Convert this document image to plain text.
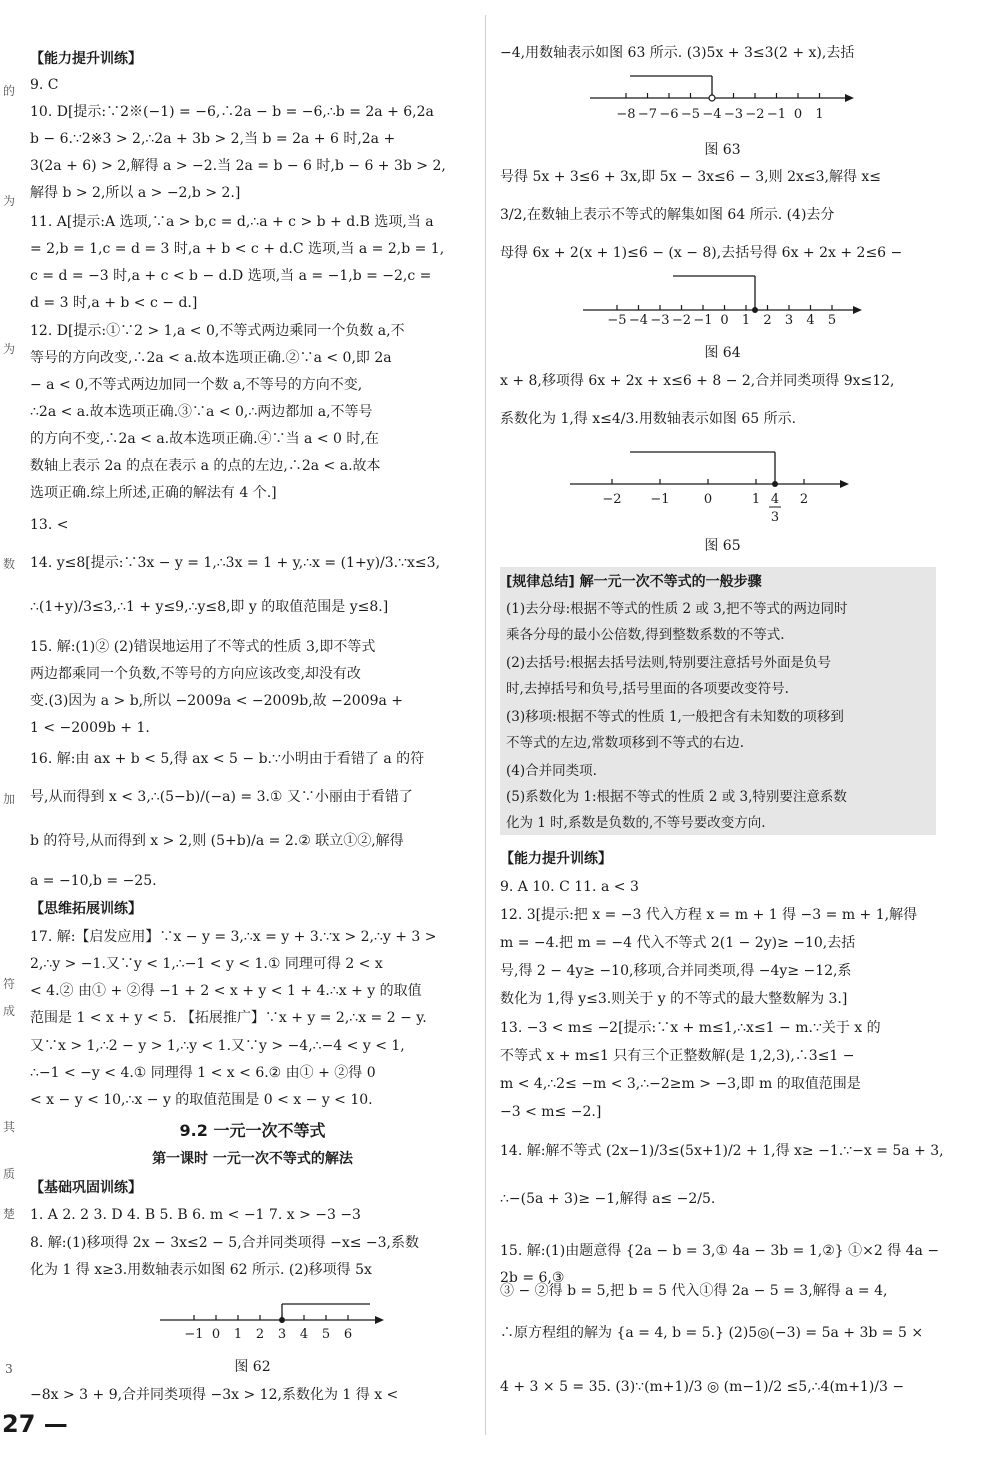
的
为
为
数
加
符
成
其
质
楚
3
【能力提升训练】
9. C
10. D[提示:∵2※(−1) = −6,∴2a − b = −6,∴b = 2a + 6,2a
b − 6.∵2※3 > 2,∴2a + 3b > 2,当 b = 2a + 6 时,2a +
3(2a + 6) > 2,解得 a > −2.当 2a = b − 6 时,b − 6 + 3b > 2,
解得 b > 2,所以 a > −2,b > 2.]
11. A[提示:A 选项,∵a > b,c = d,∴a + c > b + d.B 选项,当 a
= 2,b = 1,c = d = 3 时,a + b < c + d.C 选项,当 a = 2,b = 1,
c = d = −3 时,a + c < b − d.D 选项,当 a = −1,b = −2,c =
d = 3 时,a + b < c − d.]
12. D[提示:①∵2 > 1,a < 0,不等式两边乘同一个负数 a,不
等号的方向改变,∴2a < a.故本选项正确.②∵a < 0,即 2a
− a < 0,不等式两边加同一个数 a,不等号的方向不变,
∴2a < a.故本选项正确.③∵a < 0,∴两边都加 a,不等号
的方向不变,∴2a < a.故本选项正确.④∵当 a < 0 时,在
数轴上表示 2a 的点在表示 a 的点的左边,∴2a < a.故本
选项正确.综上所述,正确的解法有 4 个.]
13. <
14. y≤8[提示:∵3x − y = 1,∴3x = 1 + y,∴x = (1+y)/3.∵x≤3,
∴(1+y)/3≤3,∴1 + y≤9,∴y≤8,即 y 的取值范围是 y≤8.]
15. 解:(1)② (2)错误地运用了不等式的性质 3,即不等式
两边都乘同一个负数,不等号的方向应该改变,却没有改
变.(3)因为 a > b,所以 −2009a < −2009b,故 −2009a +
1 < −2009b + 1.
16. 解:由 ax + b < 5,得 ax < 5 − b.∵小明由于看错了 a 的符
号,从而得到 x < 3,∴(5−b)/(−a) = 3.① 又∵小丽由于看错了
b 的符号,从而得到 x > 2,则 (5+b)/a = 2.② 联立①②,解得
a = −10,b = −25.
【思维拓展训练】
17. 解:【启发应用】∵x − y = 3,∴x = y + 3.∵x > 2,∴y + 3 >
2,∴y > −1.又∵y < 1,∴−1 < y < 1.① 同理可得 2 < x
< 4.② 由① + ②得 −1 + 2 < x + y < 1 + 4.∴x + y 的取值
范围是 1 < x + y < 5. 【拓展推广】∵x + y = 2,∴x = 2 − y.
又∵x > 1,∴2 − y > 1,∴y < 1.又∵y > −4,∴−4 < y < 1,
∴−1 < −y < 4.① 同理得 1 < x < 6.② 由① + ②得 0
< x − y < 10,∴x − y 的取值范围是 0 < x − y < 10.
9.2 一元一次不等式
第一课时 一元一次不等式的解法
【基础巩固训练】
1. A 2. 2 3. D 4. B 5. B 6. m < −1 7. x > −3 −3
8. 解:(1)移项得 2x − 3x≤2 − 5,合并同类项得 −x≤ −3,系数
化为 1 得 x≥3.用数轴表示如图 62 所示. (2)移项得 5x
图 62
−8x > 3 + 9,合并同类项得 −3x > 12,系数化为 1 得 x <
−1 0 1 2 3 4 5 6
−4,用数轴表示如图 63 所示. (3)5x + 3≤3(2 + x),去括
图 63
号得 5x + 3≤6 + 3x,即 5x − 3x≤6 − 3,则 2x≤3,解得 x≤
3/2,在数轴上表示不等式的解集如图 64 所示. (4)去分
母得 6x + 2(x + 1)≤6 − (x − 8),去括号得 6x + 2x + 2≤6 −
图 64
x + 8,移项得 6x + 2x + x≤6 + 8 − 2,合并同类项得 9x≤12,
系数化为 1,得 x≤4/3.用数轴表示如图 65 所示.
图 65
【能力提升训练】
9. A 10. C 11. a < 3
12. 3[提示:把 x = −3 代入方程 x = m + 1 得 −3 = m + 1,解得
m = −4.把 m = −4 代入不等式 2(1 − 2y)≥ −10,去括
号,得 2 − 4y≥ −10,移项,合并同类项,得 −4y≥ −12,系
数化为 1,得 y≤3.则关于 y 的不等式的最大整数解为 3.]
13. −3 < m≤ −2[提示:∵x + m≤1,∴x≤1 − m.∵关于 x 的
不等式 x + m≤1 只有三个正整数解(是 1,2,3),∴3≤1 −
m < 4,∴2≤ −m < 3,∴−2≥m > −3,即 m 的取值范围是
−3 < m≤ −2.]
14. 解:解不等式 (2x−1)/3≤(5x+1)/2 + 1,得 x≥ −1.∵−x = 5a + 3,
∴−(5a + 3)≥ −1,解得 a≤ −2/5.
15. 解:(1)由题意得 {2a − b = 3,① 4a − 3b = 1,②} ①×2 得 4a − 2b = 6,③
③ − ②得 b = 5,把 b = 5 代入①得 2a − 5 = 3,解得 a = 4,
∴原方程组的解为 {a = 4, b = 5.} (2)5◎(−3) = 5a + 3b = 5 ×
4 + 3 × 5 = 35. (3)∵(m+1)/3 ◎ (m−1)/2 ≤5,∴4(m+1)/3 −
−8 −7 −6 −5 −4 −3 −2 −1 0 1
−5 −4 −3 −2 −1 0 1 2 3 4 5
−2 −1	0	1	2
4
3
[规律总结] 解一元一次不等式的一般步骤
(1)去分母:根据不等式的性质 2 或 3,把不等式的两边同时
乘各分母的最小公倍数,得到整数系数的不等式.
(2)去括号:根据去括号法则,特别要注意括号外面是负号
时,去掉括号和负号,括号里面的各项要改变符号.
(3)移项:根据不等式的性质 1,一般把含有未知数的项移到
不等式的左边,常数项移到不等式的右边.
(4)合并同类项.
(5)系数化为 1:根据不等式的性质 2 或 3,特别要注意系数
化为 1 时,系数是负数的,不等号要改变方向.
27 —
